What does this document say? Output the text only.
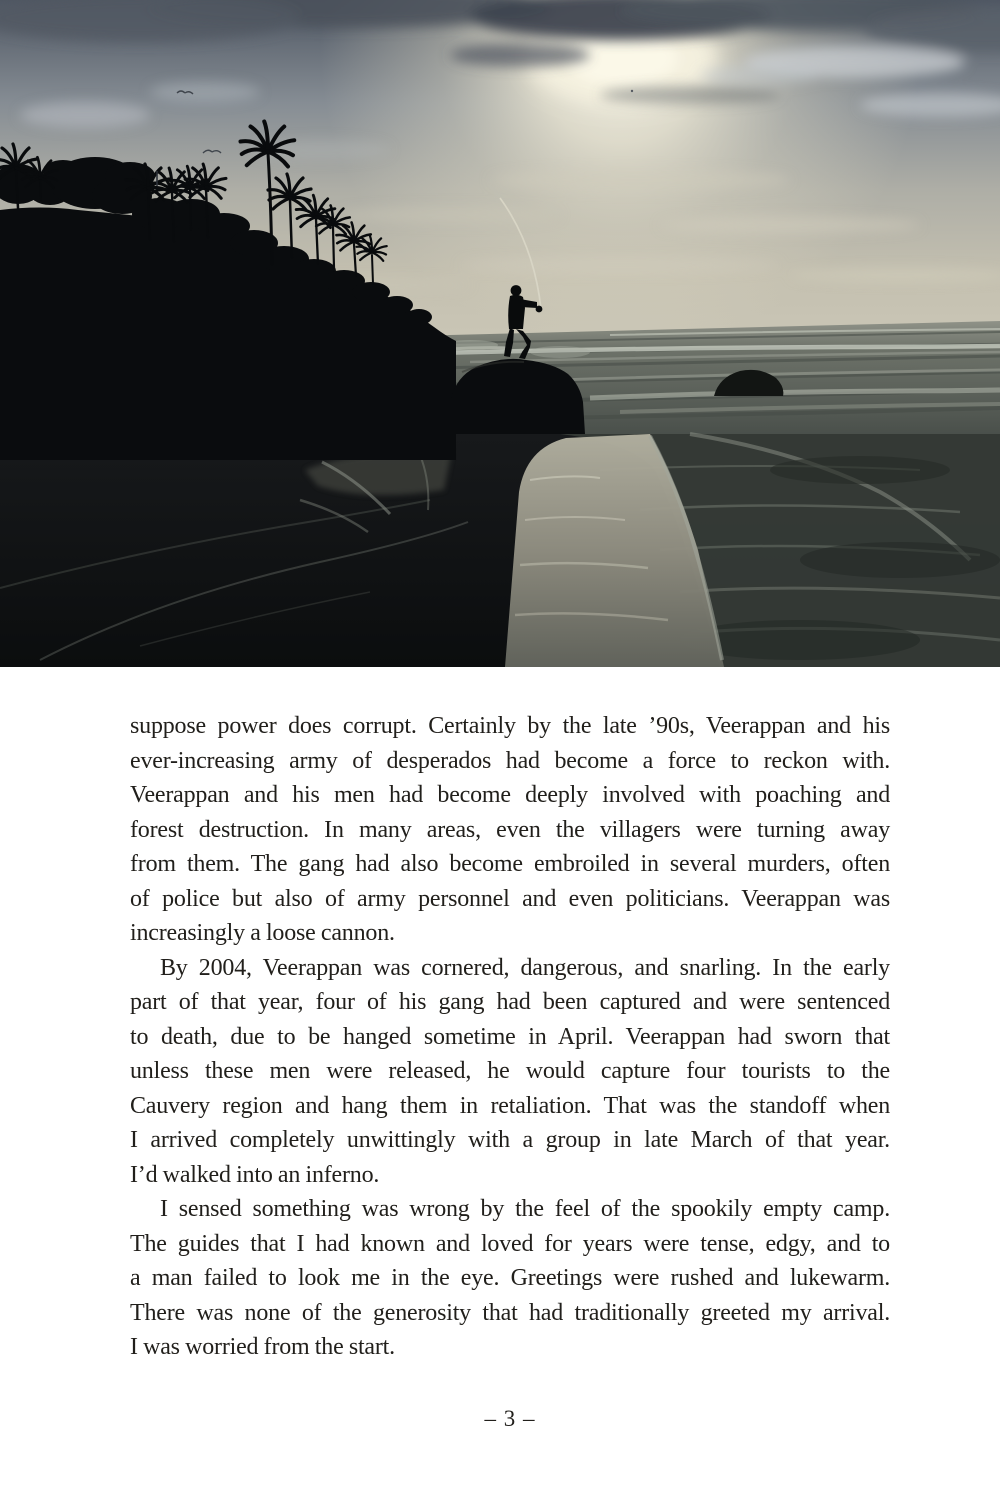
suppose power does corrupt. Certainly by the late ’90s, Veerappan and his
ever-increasing army of desperados had become a force to reckon with.
Veerappan and his men had become deeply involved with poaching and
forest destruction. In many areas, even the villagers were turning away
from them. The gang had also become embroiled in several murders, often
of police but also of army personnel and even politicians. Veerappan was
increasingly a loose cannon.
By 2004, Veerappan was cornered, dangerous, and snarling. In the early
part of that year, four of his gang had been captured and were sentenced
to death, due to be hanged sometime in April. Veerappan had sworn that
unless these men were released, he would capture four tourists to the
Cauvery region and hang them in retaliation. That was the standoff when
I arrived completely unwittingly with a group in late March of that year.
I’d walked into an inferno.
I sensed something was wrong by the feel of the spookily empty camp.
The guides that I had known and loved for years were tense, edgy, and to
a man failed to look me in the eye. Greetings were rushed and lukewarm.
There was none of the generosity that had traditionally greeted my arrival.
I was worried from the start.
– 3 –
